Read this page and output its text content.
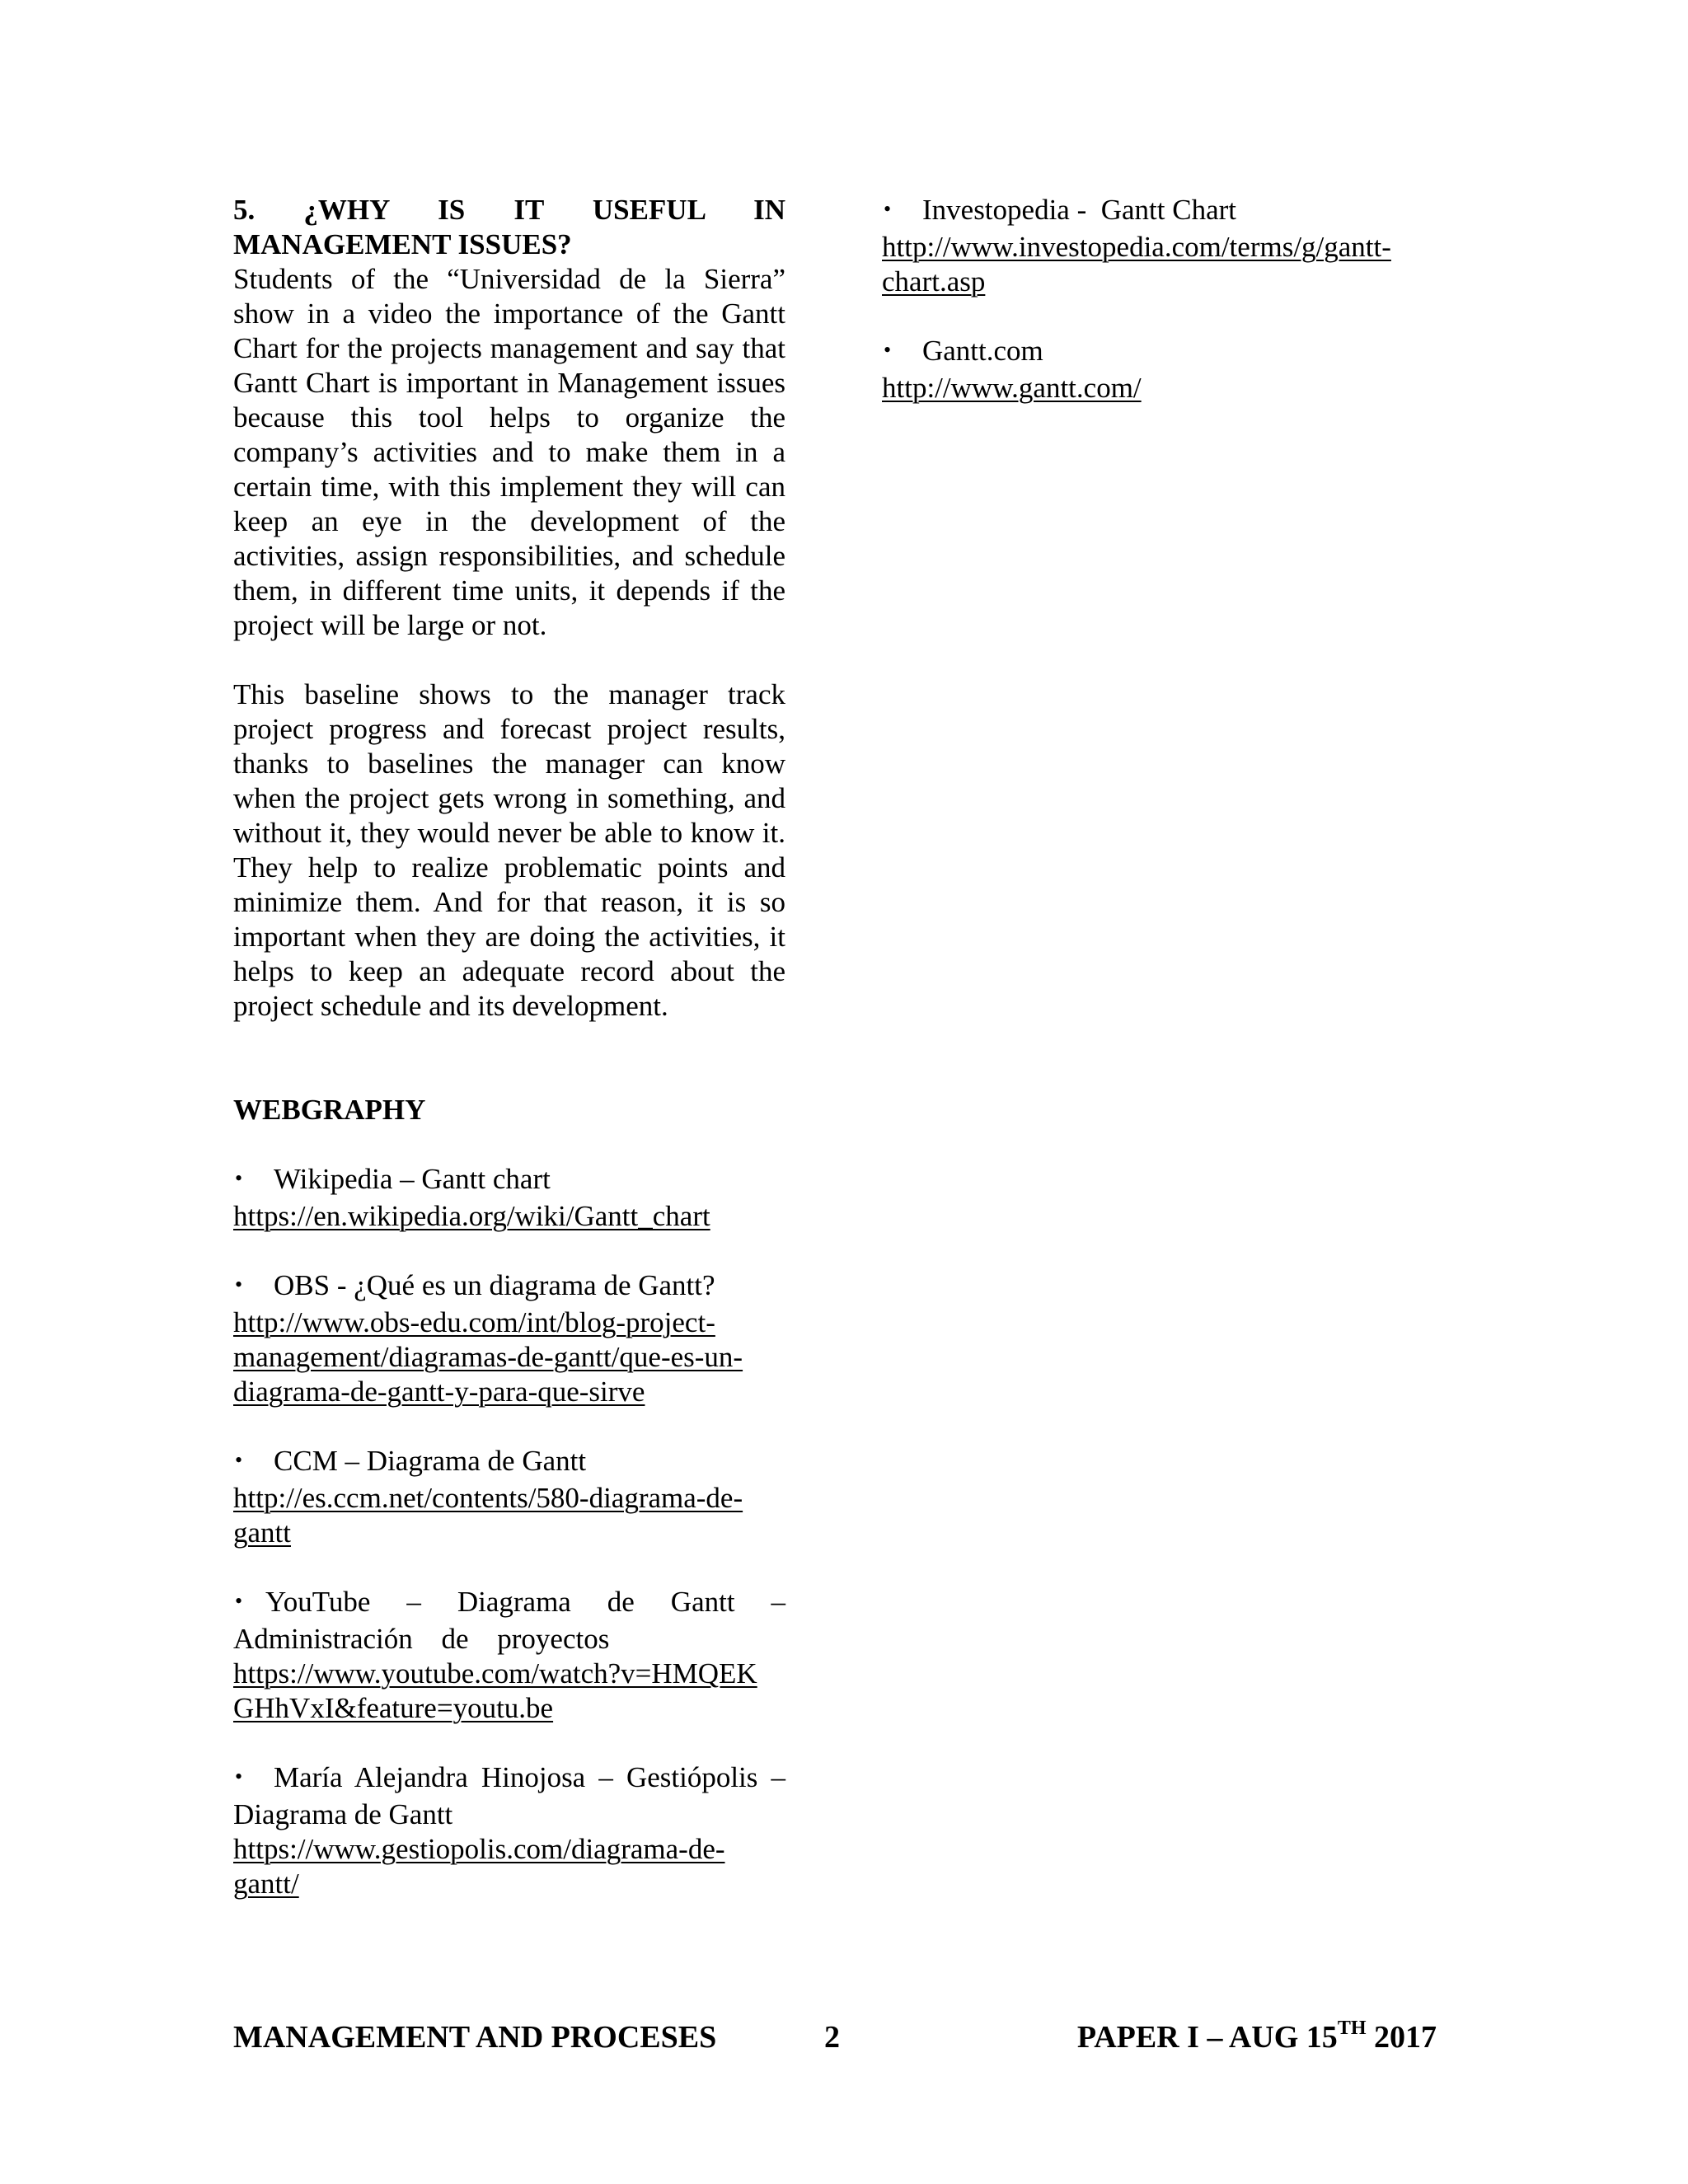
5. ¿WHY IS IT USEFUL IN
MANAGEMENT ISSUES?

Students of the “Universidad de la Sierra” show in a video the importance of the Gantt Chart for the projects management and say that Gantt Chart is important in Management issues because this tool helps to organize the company’s activities and to make them in a certain time, with this implement they will can keep an eye in the development of the activities, assign responsibilities, and schedule them, in different time units, it depends if the project will be large or not.

This baseline shows to the manager track project progress and forecast project results, thanks to baselines the manager can know when the project gets wrong in something, and without it, they would never be able to know it. They help to realize problematic points and minimize them. And for that reason, it is so important when they are doing the activities, it helps to keep an adequate record about the project schedule and its development.

WEBGRAPHY

• Wikipedia – Gantt chart
https://en.wikipedia.org/wiki/Gantt_chart
• OBS - ¿Qué es un diagrama de Gantt?
http://www.obs-edu.com/int/blog-project-
management/diagramas-de-gantt/que-es-un-
diagrama-de-gantt-y-para-que-sirve
• CCM – Diagrama de Gantt
http://es.ccm.net/contents/580-diagrama-de-
gantt
• YouTube – Diagrama de Gantt – Administración de proyectos
https://www.youtube.com/watch?v=HMQEK
GHhVxI&feature=youtu.be
• María Alejandra Hinojosa – Gestiópolis – Diagrama de Gantt
https://www.gestiopolis.com/diagrama-de-
gantt/
• Investopedia -  Gantt Chart
http://www.investopedia.com/terms/g/gantt-
chart.asp
• Gantt.com
http://www.gantt.com/
MANAGEMENT AND PROCESES	2	PAPER I – AUG 15TH 2017
